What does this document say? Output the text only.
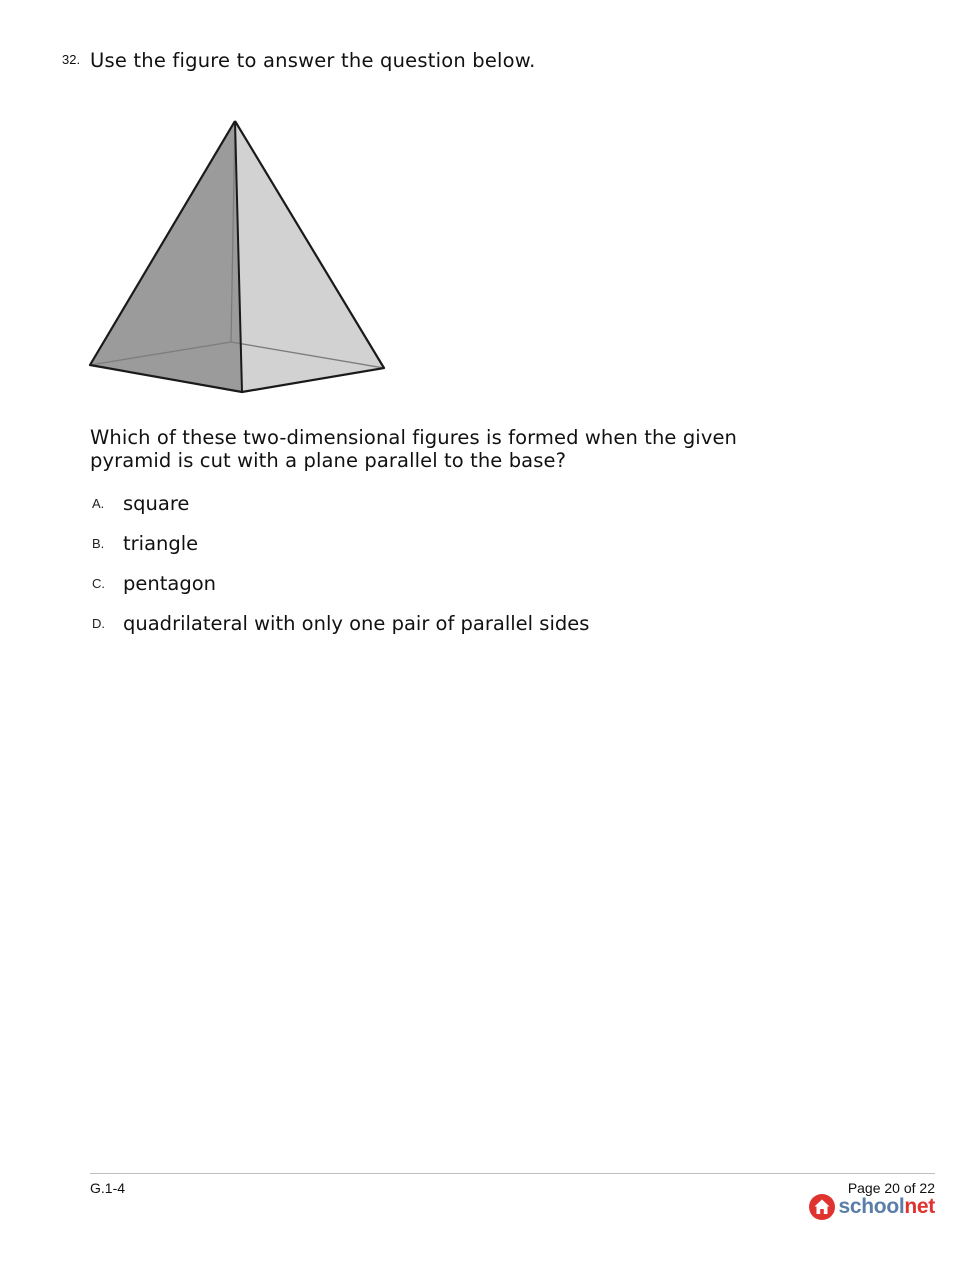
32. Use the figure to answer the question below.
Which of these two-dimensional figures is formed when the given pyramid is cut with a plane parallel to the base?
A. square
B. triangle
C. pentagon
D. quadrilateral with only one pair of parallel sides
G.1-4	Page 20 of 22
schoolnet
